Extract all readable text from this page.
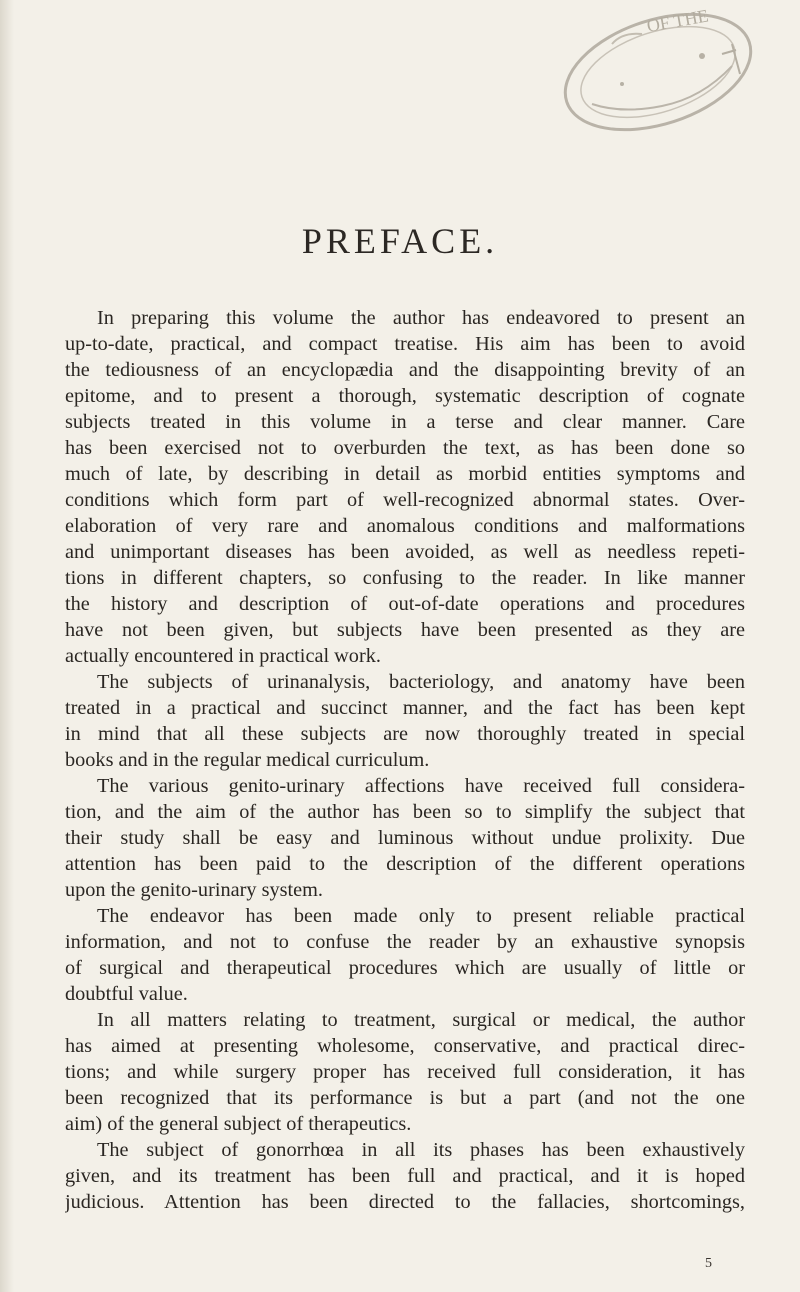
OF THE
PREFACE.
In preparing this volume the author has endeavored to present an
up-to-date, practical, and compact treatise. His aim has been to avoid
the tediousness of an encyclopædia and the disappointing brevity of an
epitome, and to present a thorough, systematic description of cognate
subjects treated in this volume in a terse and clear manner. Care
has been exercised not to overburden the text, as has been done so
much of late, by describing in detail as morbid entities symptoms and
conditions which form part of well-recognized abnormal states. Over-
elaboration of very rare and anomalous conditions and malformations
and unimportant diseases has been avoided, as well as needless repeti-
tions in different chapters, so confusing to the reader. In like manner
the history and description of out-of-date operations and procedures
have not been given, but subjects have been presented as they are
actually encountered in practical work.
The subjects of urinanalysis, bacteriology, and anatomy have been
treated in a practical and succinct manner, and the fact has been kept
in mind that all these subjects are now thoroughly treated in special
books and in the regular medical curriculum.
The various genito-urinary affections have received full considera-
tion, and the aim of the author has been so to simplify the subject that
their study shall be easy and luminous without undue prolixity. Due
attention has been paid to the description of the different operations
upon the genito-urinary system.
The endeavor has been made only to present reliable practical
information, and not to confuse the reader by an exhaustive synopsis
of surgical and therapeutical procedures which are usually of little or
doubtful value.
In all matters relating to treatment, surgical or medical, the author
has aimed at presenting wholesome, conservative, and practical direc-
tions; and while surgery proper has received full consideration, it has
been recognized that its performance is but a part (and not the one
aim) of the general subject of therapeutics.
The subject of gonorrhœa in all its phases has been exhaustively
given, and its treatment has been full and practical, and it is hoped
judicious. Attention has been directed to the fallacies, shortcomings,
5
